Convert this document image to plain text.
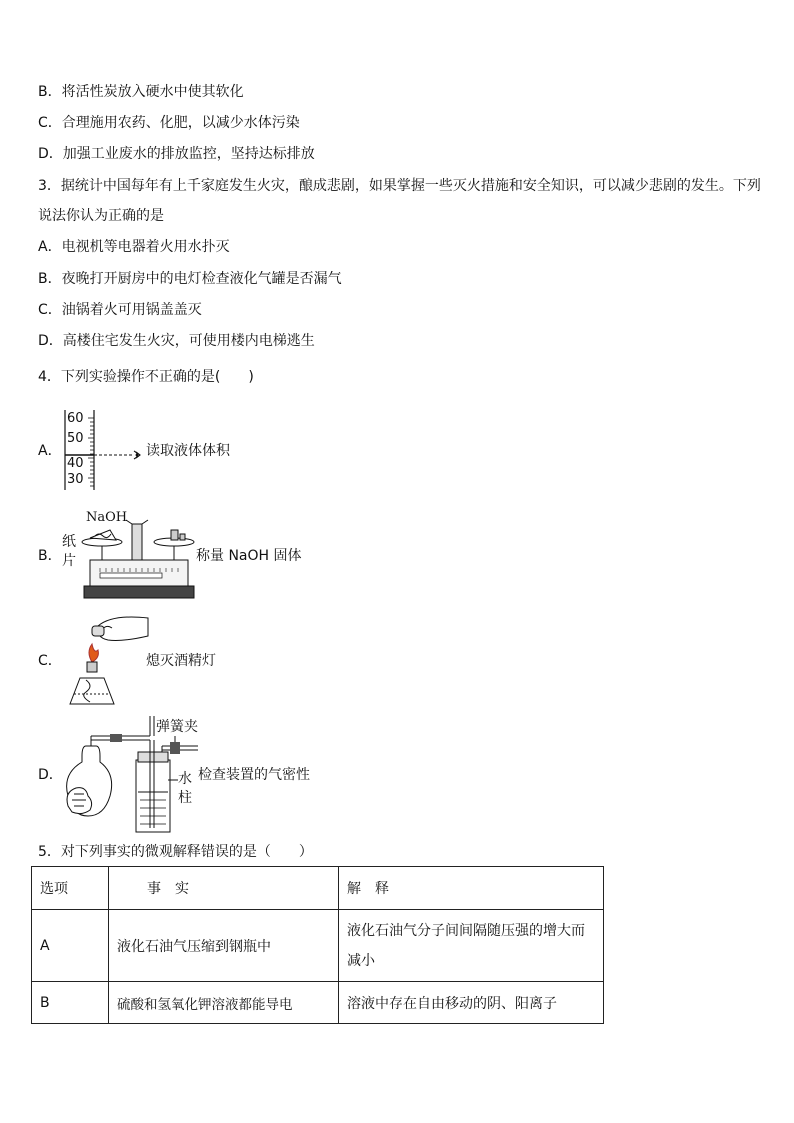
B．将活性炭放入硬水中使其软化
C．合理施用农药、化肥，以减少水体污染
D．加强工业废水的排放监控，坚持达标排放
3．据统计中国每年有上千家庭发生火灾，酿成悲剧，如果掌握一些灭火措施和安全知识，可以减少悲剧的发生。下列
说法你认为正确的是
A．电视机等电器着火用水扑灭
B．夜晚打开厨房中的电灯检查液化气罐是否漏气
C．油锅着火可用锅盖盖灭
D．高楼住宅发生火灾，可使用楼内电梯逃生
4．下列实验操作不正确的是(　　)
A．
60
50
40
30
读取液体体积
B．
NaOH
纸
片	称量 NaOH 固体
C．	熄灭酒精灯
D．
弹簧夹
水
柱
检查装置的气密性
5．对下列事实的微观解释错误的是（　　）
选项	事　实	解　释
A	液化石油气压缩到钢瓶中	液化石油气分子间间隔随压强的增大而
减小

B	硫酸和氢氧化钾溶液都能导电	溶液中存在自由移动的阴、阳离子
